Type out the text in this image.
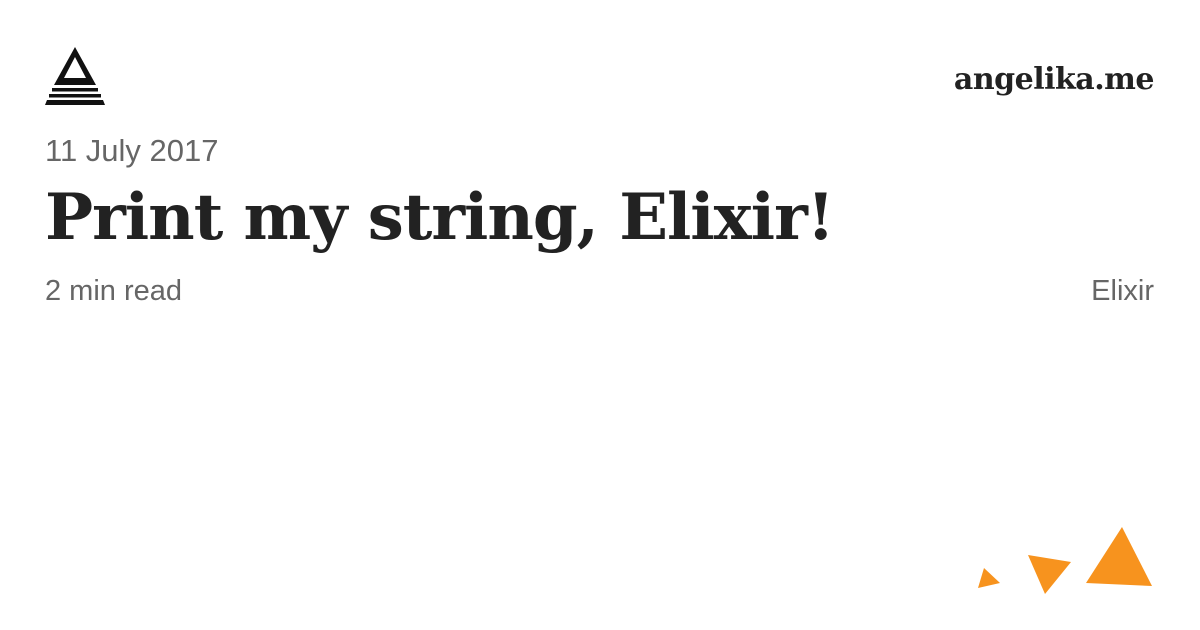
angelika.me
11 July 2017
Print my string, Elixir!
2 min read	Elixir
